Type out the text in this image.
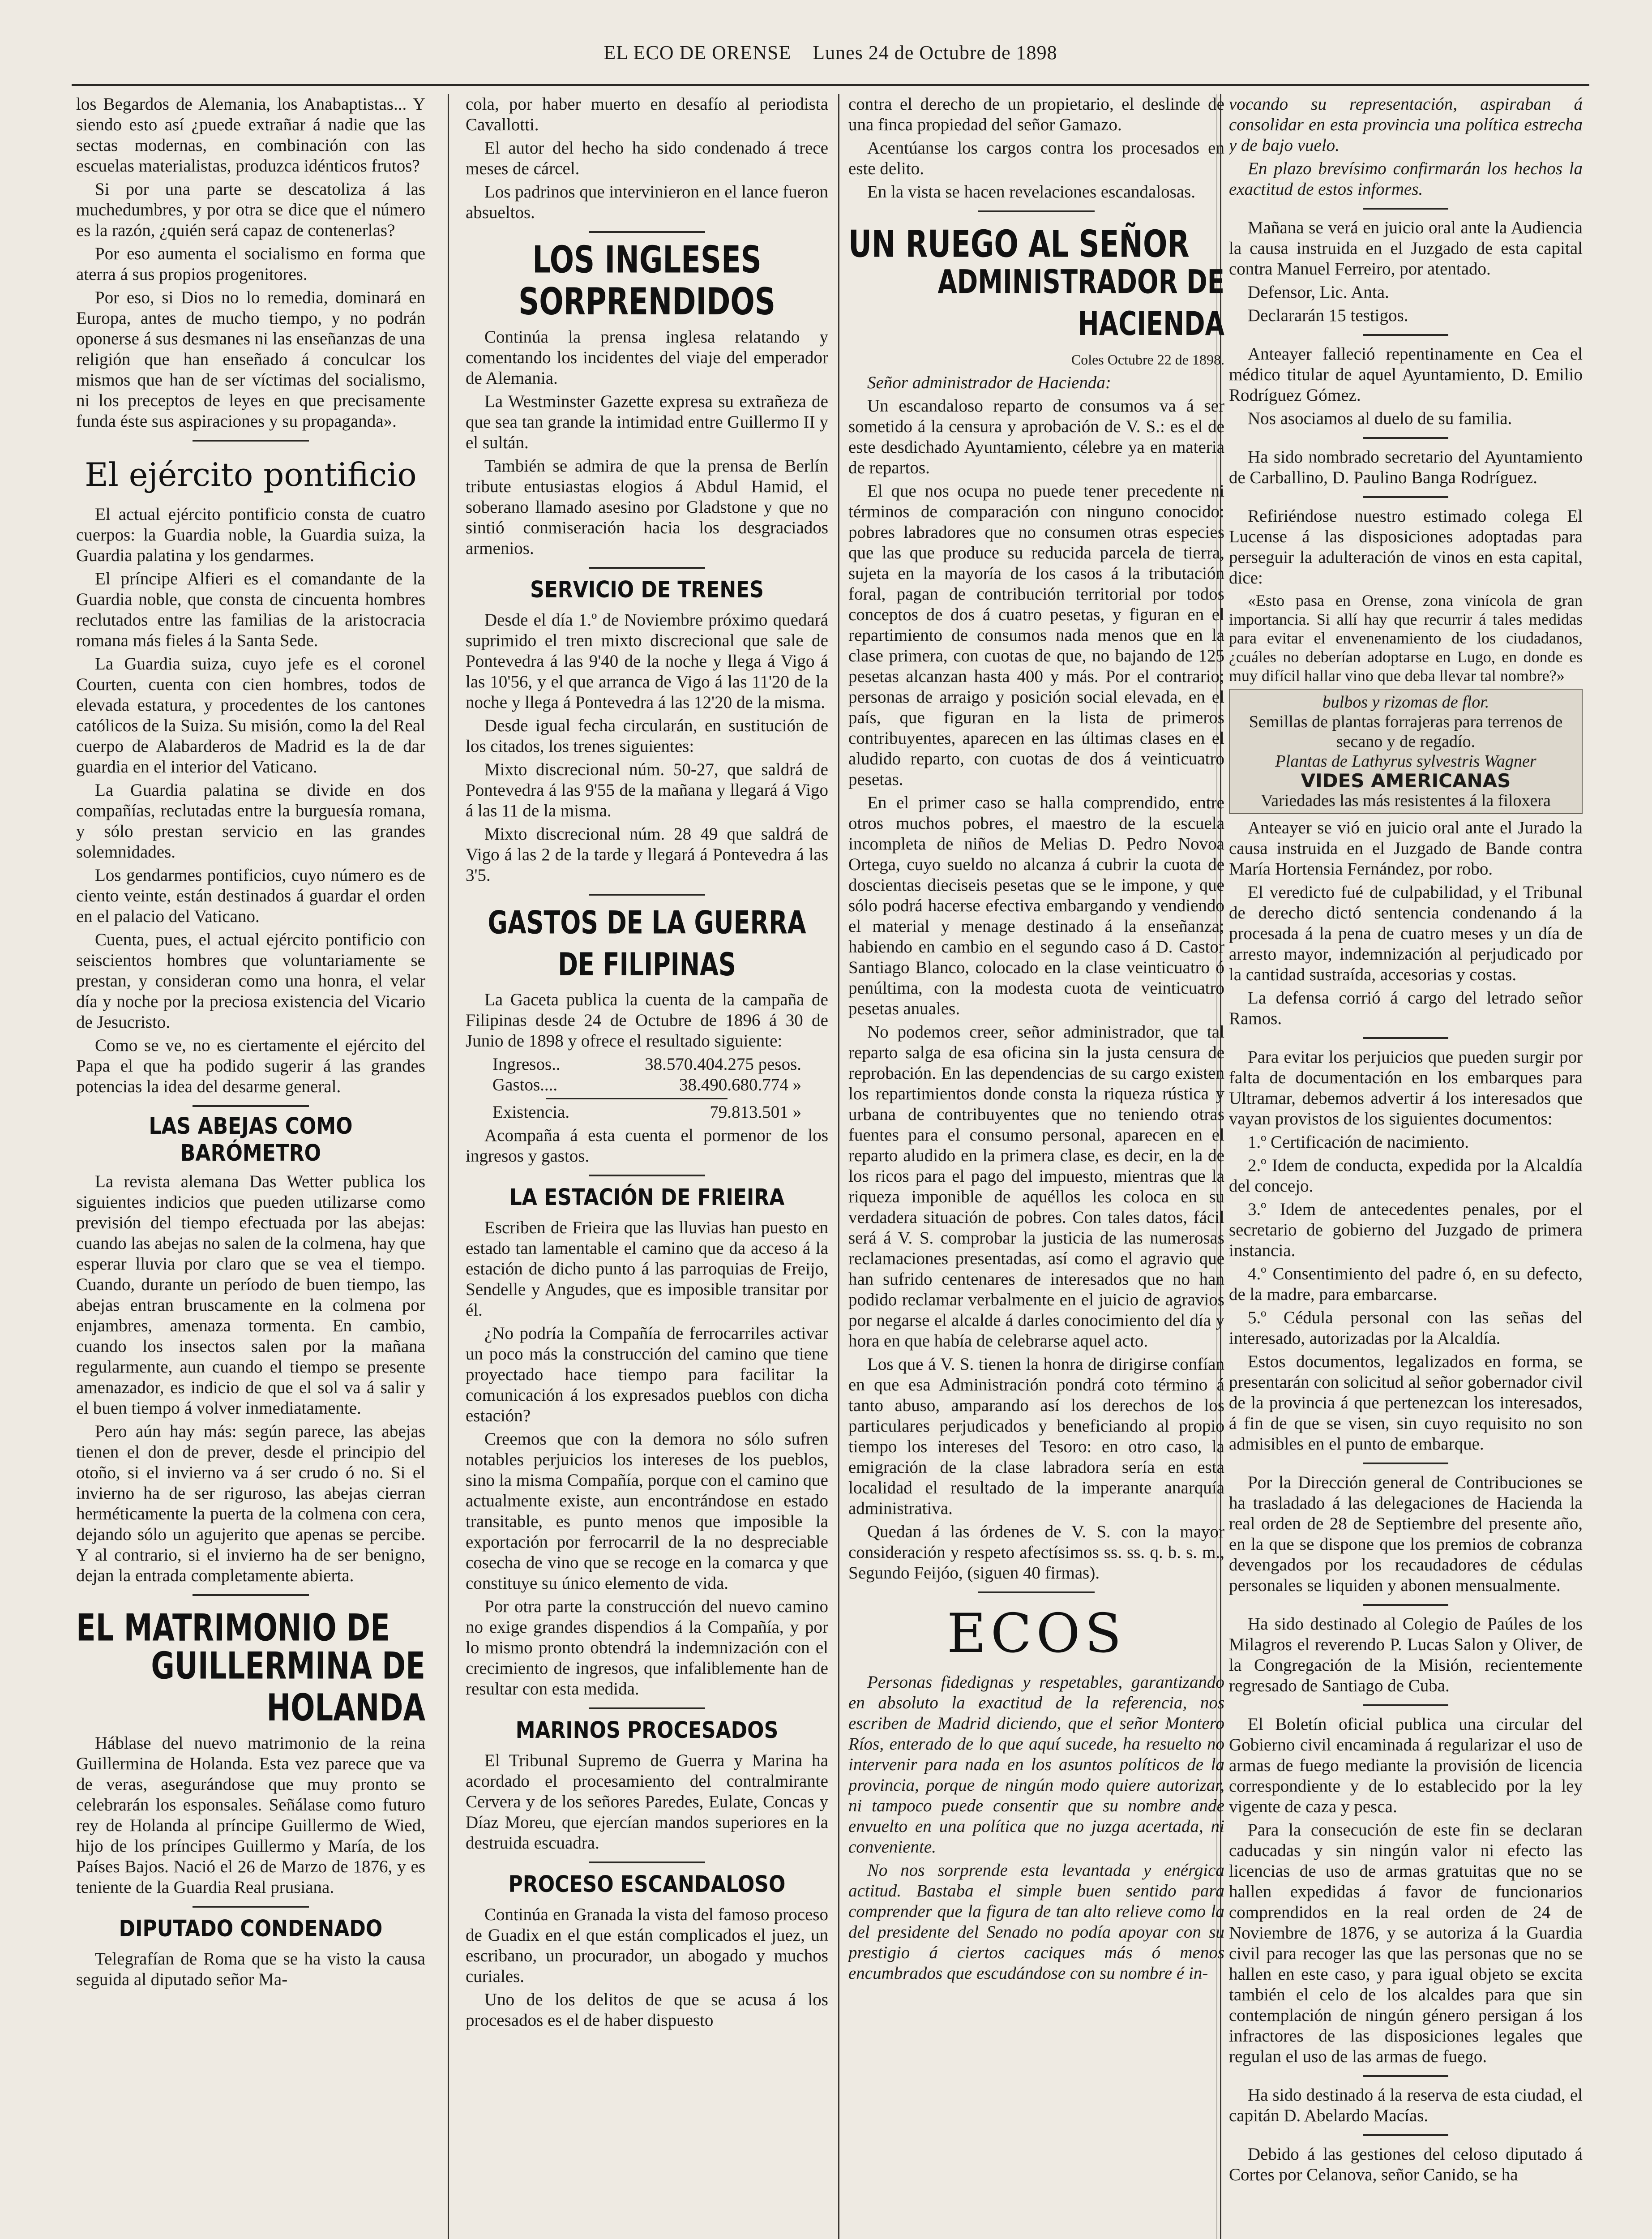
EL ECO DE ORENSE Lunes 24 de Octubre de 1898

los Begardos de Alemania, los Anabaptistas... Y siendo esto así ¿puede extrañar á nadie que las sectas modernas, en combinación con las escuelas materialistas, produzca idénticos frutos?

Si por una parte se descatoliza á las muchedumbres, y por otra se dice que el número es la razón, ¿quién será capaz de contenerlas?

Por eso aumenta el socialismo en forma que aterra á sus propios progenitores.

Por eso, si Dios no lo remedia, dominará en Europa, antes de mucho tiempo, y no podrán oponerse á sus desmanes ni las enseñanzas de una religión que han enseñado á conculcar los mismos que han de ser víctimas del socialismo, ni los preceptos de leyes en que precisamente funda éste sus aspiraciones y su propaganda».

El ejército pontificio

El actual ejército pontificio consta de cuatro cuerpos: la Guardia noble, la Guardia suiza, la Guardia palatina y los gendarmes.

El príncipe Alfieri es el comandante de la Guardia noble, que consta de cincuenta hombres reclutados entre las familias de la aristocracia romana más fieles á la Santa Sede.

La Guardia suiza, cuyo jefe es el coronel Courten, cuenta con cien hombres, todos de elevada estatura, y procedentes de los cantones católicos de la Suiza. Su misión, como la del Real cuerpo de Alabarderos de Madrid es la de dar guardia en el interior del Vaticano.

La Guardia palatina se divide en dos compañías, reclutadas entre la burguesía romana, y sólo prestan servicio en las grandes solemnidades.

Los gendarmes pontificios, cuyo número es de ciento veinte, están destinados á guardar el orden en el palacio del Vaticano.

Cuenta, pues, el actual ejército pontificio con seiscientos hombres que voluntariamente se prestan, y consideran como una honra, el velar día y noche por la preciosa existencia del Vicario de Jesucristo.

Como se ve, no es ciertamente el ejército del Papa el que ha podido sugerir á las grandes potencias la idea del desarme general.

LAS ABEJAS COMO BARÓMETRO

La revista alemana Das Wetter publica los siguientes indicios que pueden utilizarse como previsión del tiempo efectuada por las abejas: cuando las abejas no salen de la colmena, hay que esperar lluvia por claro que se vea el tiempo. Cuando, durante un período de buen tiempo, las abejas entran bruscamente en la colmena por enjambres, amenaza tormenta. En cambio, cuando los insectos salen por la mañana regularmente, aun cuando el tiempo se presente amenazador, es indicio de que el sol va á salir y el buen tiempo á volver inmediatamente.

Pero aún hay más: según parece, las abejas tienen el don de prever, desde el principio del otoño, si el invierno va á ser crudo ó no. Si el invierno ha de ser riguroso, las abejas cierran herméticamente la puerta de la colmena con cera, dejando sólo un agujerito que apenas se percibe. Y al contrario, si el invierno ha de ser benigno, dejan la entrada completamente abierta.

EL MATRIMONIO DE
GUILLERMINA DE HOLANDA

Háblase del nuevo matrimonio de la reina Guillermina de Holanda. Esta vez parece que va de veras, asegurándose que muy pronto se celebrarán los esponsales. Señálase como futuro rey de Holanda al príncipe Guillermo de Wied, hijo de los príncipes Guillermo y María, de los Países Bajos. Nació el 26 de Marzo de 1876, y es teniente de la Guardia Real prusiana.

DIPUTADO CONDENADO

Telegrafían de Roma que se ha visto la causa seguida al diputado señor Ma-

cola, por haber muerto en desafío al periodista Cavallotti.

El autor del hecho ha sido condenado á trece meses de cárcel.

Los padrinos que intervinieron en el lance fueron absueltos.

LOS INGLESES SORPRENDIDOS

Continúa la prensa inglesa relatando y comentando los incidentes del viaje del emperador de Alemania.

La Westminster Gazette expresa su extrañeza de que sea tan grande la intimidad entre Guillermo II y el sultán.

También se admira de que la prensa de Berlín tribute entusiastas elogios á Abdul Hamid, el soberano llamado asesino por Gladstone y que no sintió conmiseración hacia los desgraciados armenios.

SERVICIO DE TRENES

Desde el día 1.º de Noviembre próximo quedará suprimido el tren mixto discrecional que sale de Pontevedra á las 9'40 de la noche y llega á Vigo á las 10'56, y el que arranca de Vigo á las 11'20 de la noche y llega á Pontevedra á las 12'20 de la misma.

Desde igual fecha circularán, en sustitución de los citados, los trenes siguientes:

Mixto discrecional núm. 50-27, que saldrá de Pontevedra á las 9'55 de la mañana y llegará á Vigo á las 11 de la misma.

Mixto discrecional núm. 28 49 que saldrá de Vigo á las 2 de la tarde y llegará á Pontevedra á las 3'5.

GASTOS DE LA GUERRA DE FILIPINAS

La Gaceta publica la cuenta de la campaña de Filipinas desde 24 de Octubre de 1896 á 30 de Junio de 1898 y ofrece el resultado siguiente:

Ingresos..	38.570.404.275 pesos.
Gastos....	38.490.680.774 »
Existencia.	79.813.501 »

Acompaña á esta cuenta el pormenor de los ingresos y gastos.

LA ESTACIÓN DE FRIEIRA

Escriben de Frieira que las lluvias han puesto en estado tan lamentable el camino que da acceso á la estación de dicho punto á las parroquias de Freijo, Sendelle y Angudes, que es imposible transitar por él.

¿No podría la Compañía de ferrocarriles activar un poco más la construcción del camino que tiene proyectado hace tiempo para facilitar la comunicación á los expresados pueblos con dicha estación?

Creemos que con la demora no sólo sufren notables perjuicios los intereses de los pueblos, sino la misma Compañía, porque con el camino que actualmente existe, aun encontrándose en estado transitable, es punto menos que imposible la exportación por ferrocarril de la no despreciable cosecha de vino que se recoge en la comarca y que constituye su único elemento de vida.

Por otra parte la construcción del nuevo camino no exige grandes dispendios á la Compañía, y por lo mismo pronto obtendrá la indemnización con el crecimiento de ingresos, que infaliblemente han de resultar con esta medida.

MARINOS PROCESADOS

El Tribunal Supremo de Guerra y Marina ha acordado el procesamiento del contralmirante Cervera y de los señores Paredes, Eulate, Concas y Díaz Moreu, que ejercían mandos superiores en la destruida escuadra.

PROCESO ESCANDALOSO

Continúa en Granada la vista del famoso proceso de Guadix en el que están complicados el juez, un escribano, un procurador, un abogado y muchos curiales.

Uno de los delitos de que se acusa á los procesados es el de haber dispuesto

contra el derecho de un propietario, el deslinde de una finca propiedad del señor Gamazo.

Acentúanse los cargos contra los procesados en este delito.

En la vista se hacen revelaciones escandalosas.

UN RUEGO AL SEÑOR
ADMINISTRADOR DE HACIENDA

Coles Octubre 22 de 1898.

Señor administrador de Hacienda:

Un escandaloso reparto de consumos va á ser sometido á la censura y aprobación de V. S.: es el de este desdichado Ayuntamiento, célebre ya en materia de repartos.

El que nos ocupa no puede tener precedente ni términos de comparación con ninguno conocido: pobres labradores que no consumen otras especies que las que produce su reducida parcela de tierra, sujeta en la mayoría de los casos á la tributación foral, pagan de contribución territorial por todos conceptos de dos á cuatro pesetas, y figuran en el repartimiento de consumos nada menos que en la clase primera, con cuotas de que, no bajando de 125 pesetas alcanzan hasta 400 y más. Por el contrario; personas de arraigo y posición social elevada, en el país, que figuran en la lista de primeros contribuyentes, aparecen en las últimas clases en el aludido reparto, con cuotas de dos á veinticuatro pesetas.

En el primer caso se halla comprendido, entre otros muchos pobres, el maestro de la escuela incompleta de niños de Melias D. Pedro Novoa Ortega, cuyo sueldo no alcanza á cubrir la cuota de doscientas dieciseis pesetas que se le impone, y que sólo podrá hacerse efectiva embargando y vendiendo el material y menage destinado á la enseñanza; habiendo en cambio en el segundo caso á D. Castor Santiago Blanco, colocado en la clase veinticuatro ó penúltima, con la modesta cuota de veinticuatro pesetas anuales.

No podemos creer, señor administrador, que tal reparto salga de esa oficina sin la justa censura de reprobación. En las dependencias de su cargo existen los repartimientos donde consta la riqueza rústica y urbana de contribuyentes que no teniendo otras fuentes para el consumo personal, aparecen en el reparto aludido en la primera clase, es decir, en la de los ricos para el pago del impuesto, mientras que la riqueza imponible de aquéllos les coloca en su verdadera situación de pobres. Con tales datos, fácil será á V. S. comprobar la justicia de las numerosas reclamaciones presentadas, así como el agravio que han sufrido centenares de interesados que no han podido reclamar verbalmente en el juicio de agravios por negarse el alcalde á darles conocimiento del día y hora en que había de celebrarse aquel acto.

Los que á V. S. tienen la honra de dirigirse confían en que esa Administración pondrá coto término á tanto abuso, amparando así los derechos de los particulares perjudicados y beneficiando al propio tiempo los intereses del Tesoro: en otro caso, la emigración de la clase labradora sería en esta localidad el resultado de la imperante anarquía administrativa.

Quedan á las órdenes de V. S. con la mayor consideración y respeto afectísimos ss. ss. q. b. s. m., Segundo Feijóo, (siguen 40 firmas).

ECOS

Personas fidedignas y respetables, garantizando en absoluto la exactitud de la referencia, nos escriben de Madrid diciendo, que el señor Montero Ríos, enterado de lo que aquí sucede, ha resuelto no intervenir para nada en los asuntos políticos de la provincia, porque de ningún modo quiere autorizar, ni tampoco puede consentir que su nombre ande envuelto en una política que no juzga acertada, ni conveniente.

No nos sorprende esta levantada y enérgica actitud. Bastaba el simple buen sentido para comprender que la figura de tan alto relieve como la del presidente del Senado no podía apoyar con su prestigio á ciertos caciques más ó menos encumbrados que escudándose con su nombre é in-

vocando su representación, aspiraban á consolidar en esta provincia una política estrecha y de bajo vuelo.

En plazo brevísimo confirmarán los hechos la exactitud de estos informes.

Mañana se verá en juicio oral ante la Audiencia la causa instruida en el Juzgado de esta capital contra Manuel Ferreiro, por atentado.

Defensor, Lic. Anta.

Declararán 15 testigos.

Anteayer falleció repentinamente en Cea el médico titular de aquel Ayuntamiento, D. Emilio Rodríguez Gómez.

Nos asociamos al duelo de su familia.

Ha sido nombrado secretario del Ayuntamiento de Carballino, D. Paulino Banga Rodríguez.

Refiriéndose nuestro estimado colega El Lucense á las disposiciones adoptadas para perseguir la adulteración de vinos en esta capital, dice:

«Esto pasa en Orense, zona vinícola de gran importancia. Si allí hay que recurrir á tales medidas para evitar el envenenamiento de los ciudadanos, ¿cuáles no deberían adoptarse en Lugo, en donde es muy difícil hallar vino que deba llevar tal nombre?»

bulbos y rizomas de flor.
Semillas de plantas forrajeras para terrenos de secano y de regadío.
Plantas de Lathyrus sylvestris Wagner
VIDES AMERICANAS
Variedades las más resistentes á la filoxera

Anteayer se vió en juicio oral ante el Jurado la causa instruida en el Juzgado de Bande contra María Hortensia Fernández, por robo.

El veredicto fué de culpabilidad, y el Tribunal de derecho dictó sentencia condenando á la procesada á la pena de cuatro meses y un día de arresto mayor, indemnización al perjudicado por la cantidad sustraída, accesorias y costas.

La defensa corrió á cargo del letrado señor Ramos.

Para evitar los perjuicios que pueden surgir por falta de documentación en los embarques para Ultramar, debemos advertir á los interesados que vayan provistos de los siguientes documentos:

1.º Certificación de nacimiento.

2.º Idem de conducta, expedida por la Alcaldía del concejo.

3.º Idem de antecedentes penales, por el secretario de gobierno del Juzgado de primera instancia.

4.º Consentimiento del padre ó, en su defecto, de la madre, para embarcarse.

5.º Cédula personal con las señas del interesado, autorizadas por la Alcaldía.

Estos documentos, legalizados en forma, se presentarán con solicitud al señor gobernador civil de la provincia á que pertenezcan los interesados, á fin de que se visen, sin cuyo requisito no son admisibles en el punto de embarque.

Por la Dirección general de Contribuciones se ha trasladado á las delegaciones de Hacienda la real orden de 28 de Septiembre del presente año, en la que se dispone que los premios de cobranza devengados por los recaudadores de cédulas personales se liquiden y abonen mensualmente.

Ha sido destinado al Colegio de Paúles de los Milagros el reverendo P. Lucas Salon y Oliver, de la Congregación de la Misión, recientemente regresado de Santiago de Cuba.

El Boletín oficial publica una circular del Gobierno civil encaminada á regularizar el uso de armas de fuego mediante la provisión de licencia correspondiente y de lo establecido por la ley vigente de caza y pesca.

Para la consecución de este fin se declaran caducadas y sin ningún valor ni efecto las licencias de uso de armas gratuitas que no se hallen expedidas á favor de funcionarios comprendidos en la real orden de 24 de Noviembre de 1876, y se autoriza á la Guardia civil para recoger las que las personas que no se hallen en este caso, y para igual objeto se excita también el celo de los alcaldes para que sin contemplación de ningún género persigan á los infractores de las disposiciones legales que regulan el uso de las armas de fuego.

Ha sido destinado á la reserva de esta ciudad, el capitán D. Abelardo Macías.

Debido á las gestiones del celoso diputado á Cortes por Celanova, señor Canido, se ha
